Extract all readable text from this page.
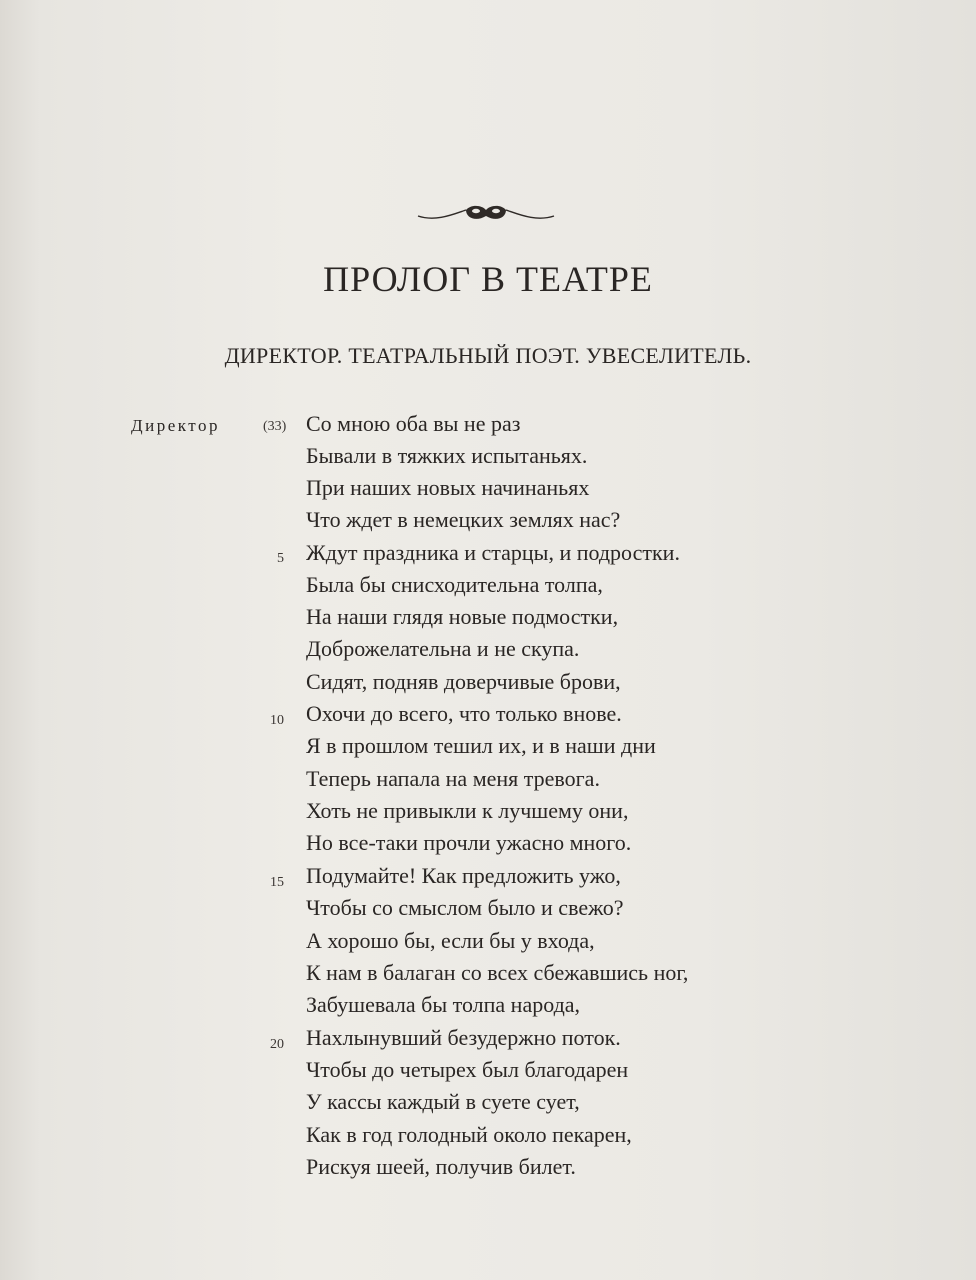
ПРОЛОГ В ТЕАТРЕ
ДИРЕКТОР. ТЕАТРАЛЬНЫЙ ПОЭТ. УВЕСЕЛИТЕЛЬ.
Директор	(33) Со мною оба вы не раз
Бывали в тяжких испытаньях.
При наших новых начинаньях
Что ждет в немецких землях нас?
5 Ждут праздника и старцы, и подростки.
Была бы снисходительна толпа,
На наши глядя новые подмостки,
Доброжелательна и не скупа.
Сидят, подняв доверчивые брови,
10 Охочи до всего, что только внове.
Я в прошлом тешил их, и в наши дни
Теперь напала на меня тревога.
Хоть не привыкли к лучшему они,
Но все-таки прочли ужасно много.
15 Подумайте! Как предложить ужо,
Чтобы со смыслом было и свежо?
А хорошо бы, если бы у входа,
К нам в балаган со всех сбежавшись ног,
Забушевала бы толпа народа,
20 Нахлынувший безудержно поток.
Чтобы до четырех был благодарен
У кассы каждый в суете сует,
Как в год голодный около пекарен,
Рискуя шеей, получив билет.
